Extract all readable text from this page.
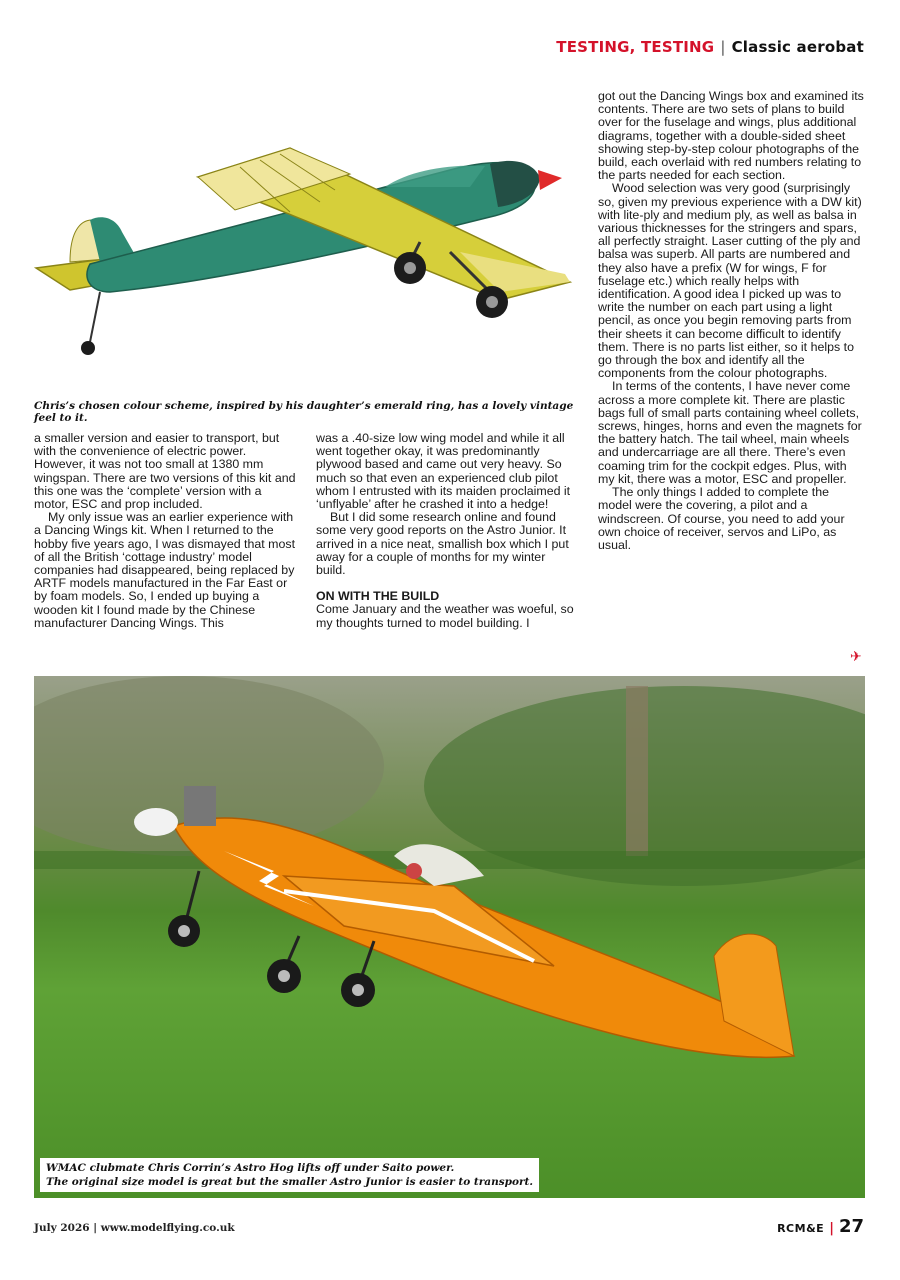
TESTING, TESTING | Classic aerobat
Chris’s chosen colour scheme, inspired by his daughter’s emerald ring, has a lovely vintage feel to it.

a smaller version and easier to transport, but with the convenience of electric power. However, it was not too small at 1380 mm wingspan. There are two versions of this kit and this one was the ‘complete’ version with a motor, ESC and prop included.

My only issue was an earlier experience with a Dancing Wings kit. When I returned to the hobby five years ago, I was dismayed that most of all the British ‘cottage industry’ model companies had disappeared, being replaced by ARTF models manufactured in the Far East or by foam models. So, I ended up buying a wooden kit I found made by the Chinese manufacturer Dancing Wings. This

was a .40-size low wing model and while it all went together okay, it was predominantly plywood based and came out very heavy. So much so that even an experienced club pilot whom I entrusted with its maiden proclaimed it ‘unflyable’ after he crashed it into a hedge!

But I did some research online and found some very good reports on the Astro Junior. It arrived in a nice neat, smallish box which I put away for a couple of months for my winter build.

ON WITH THE BUILD

Come January and the weather was woeful, so my thoughts turned to model building. I

got out the Dancing Wings box and examined its contents. There are two sets of plans to build over for the fuselage and wings, plus additional diagrams, together with a double-sided sheet showing step-by-step colour photographs of the build, each overlaid with red numbers relating to the parts needed for each section.

Wood selection was very good (surprisingly so, given my previous experience with a DW kit) with lite-ply and medium ply, as well as balsa in various thicknesses for the stringers and spars, all perfectly straight. Laser cutting of the ply and balsa was superb. All parts are numbered and they also have a prefix (W for wings, F for fuselage etc.) which really helps with identification. A good idea I picked up was to write the number on each part using a light pencil, as once you begin removing parts from their sheets it can become difficult to identify them. There is no parts list either, so it helps to go through the box and identify all the components from the colour photographs.

In terms of the contents, I have never come across a more complete kit. There are plastic bags full of small parts containing wheel collets, screws, hinges, horns and even the magnets for the battery hatch. The tail wheel, main wheels and undercarriage are all there. There’s even coaming trim for the cockpit edges. Plus, with my kit, there was a motor, ESC and propeller.

The only things I added to complete the model were the covering, a pilot and a windscreen. Of course, you need to add your own choice of receiver, servos and LiPo, as usual.

✈
WMAC clubmate Chris Corrin’s Astro Hog lifts off under Saito power.
The original size model is great but the smaller Astro Junior is easier to transport.
July 2026 | www.modelflying.co.uk	RCM&E | 27
